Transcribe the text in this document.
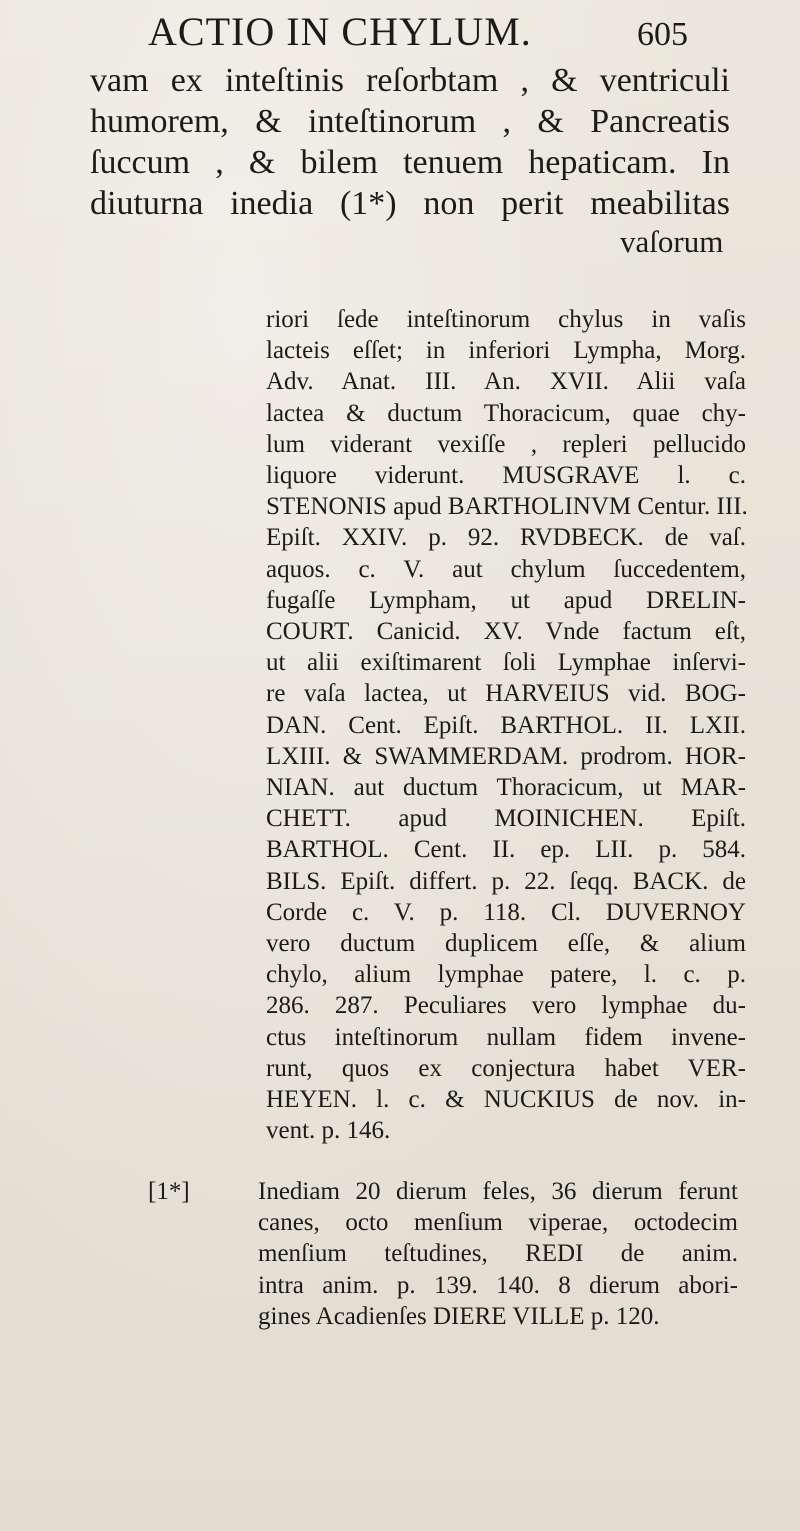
ACTIO IN CHYLUM.	605
vam ex inteſtinis reſorbtam , & ventriculi
humorem, & inteſtinorum , & Pancreatis
ſuccum , & bilem tenuem hepaticam. In
diuturna inedia (1*) non perit meabilitas
vaſorum
riori ſede inteſtinorum chylus in vaſis
lacteis eſſet; in inferiori Lympha, Morg.
Adv. Anat. III. An. XVII. Alii vaſa
lactea & ductum Thoracicum, quae chy-
lum viderant vexiſſe , repleri pellucido
liquore viderunt. MUSGRAVE l. c.
STENONIS apud BARTHOLINVM Centur. III.
Epiſt. XXIV. p. 92. RVDBECK. de vaſ.
aquos. c. V. aut chylum ſuccedentem,
fugaſſe Lympham, ut apud DRELIN-
COURT. Canicid. XV. Vnde factum eſt,
ut alii exiſtimarent ſoli Lymphae inſervi-
re vaſa lactea, ut HARVEIUS vid. BOG-
DAN. Cent. Epiſt. BARTHOL. II. LXII.
LXIII. & SWAMMERDAM. prodrom. HOR-
NIAN. aut ductum Thoracicum, ut MAR-
CHETT. apud MOINICHEN. Epiſt.
BARTHOL. Cent. II. ep. LII. p. 584.
BILS. Epiſt. differt. p. 22. ſeqq. BACK. de
Corde c. V. p. 118. Cl. DUVERNOY
vero ductum duplicem eſſe, & alium
chylo, alium lymphae patere, l. c. p.
286. 287. Peculiares vero lymphae du-
ctus inteſtinorum nullam fidem invene-
runt, quos ex conjectura habet VER-
HEYEN. l. c. & NUCKIUS de nov. in-
vent. p. 146.
[1*]	Inediam 20 dierum feles, 36 dierum ferunt
canes, octo menſium viperae, octodecim
menſium teſtudines, REDI de anim.
intra anim. p. 139. 140. 8 dierum abori-
gines Acadienſes DIERE VILLE p. 120.
